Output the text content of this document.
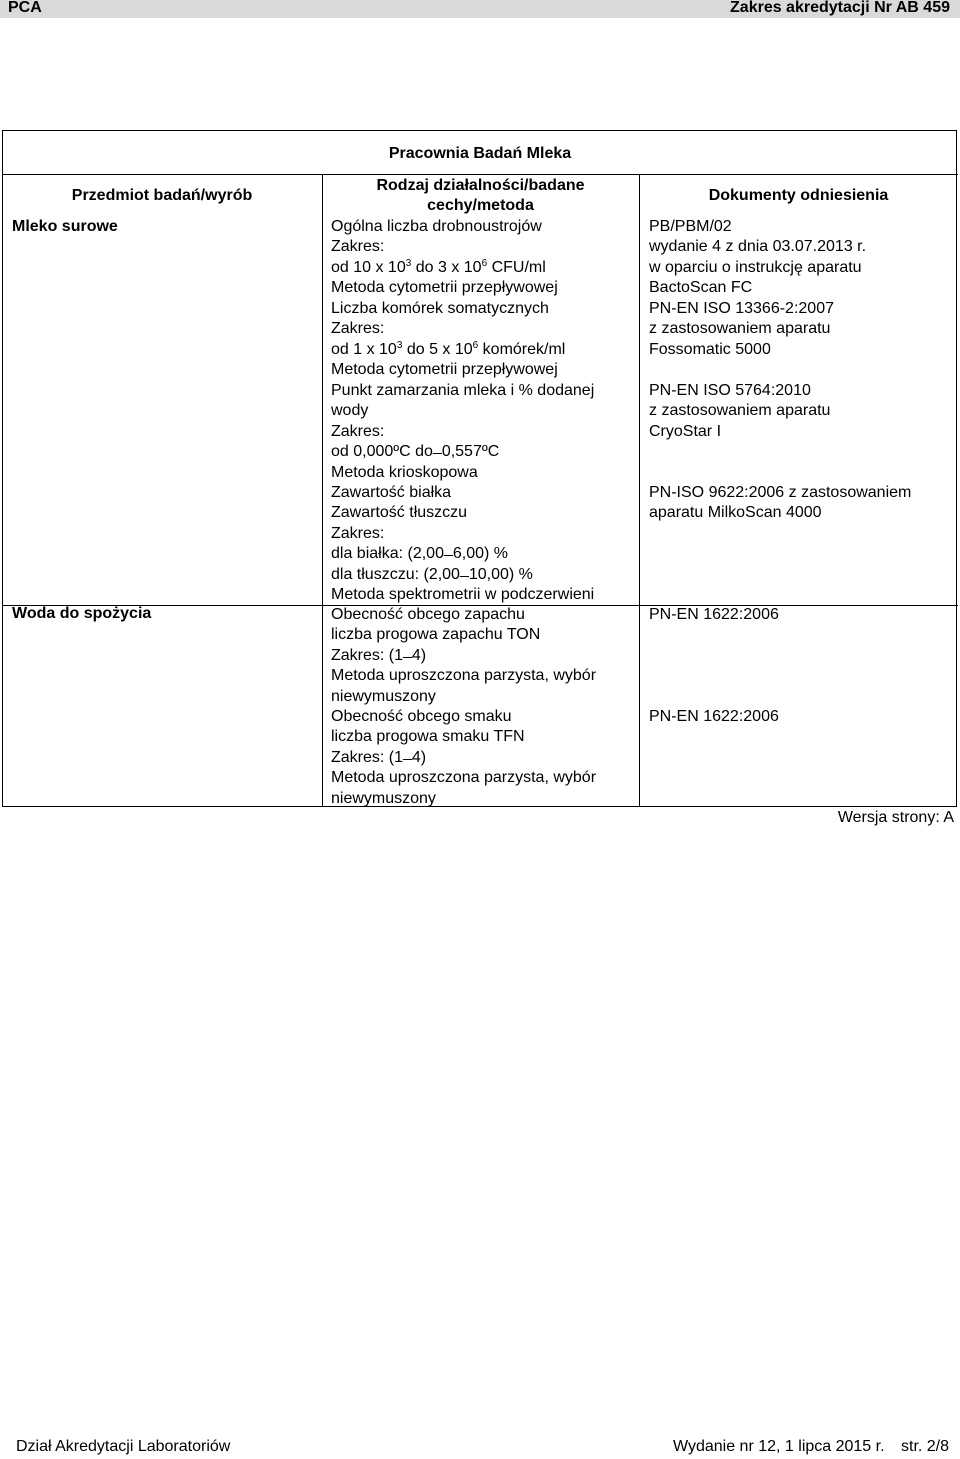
PCA	Zakres akredytacji Nr AB 459
Pracownia Badań Mleka
Przedmiot badań/wyrób
Rodzaj działalności/badane
cechy/metoda
Dokumenty odniesienia
Mleko surowe
Woda do spożycia
Ogólna liczba drobnoustrojów
Zakres:
od 10 x $10^3$ do 3 x $10^6$ CFU/ml
Metoda cytometrii przepływowej
Liczba komórek somatycznych
Zakres:
od 1 x $10^3$ do 5 x $10^6$ komórek/ml
Metoda cytometrii przepływowej
Punkt zamarzania mleka i % dodanej
wody
Zakres:
od 0,000ºC do ̶ 0,557ºC
Metoda krioskopowa
Zawartość białka
Zawartość tłuszczu
Zakres:
dla białka: (2,00 ̶ 6,00) %
dla tłuszczu: (2,00 ̶ 10,00) %
Metoda spektrometrii w podczerwieni
Obecność obcego zapachu
liczba progowa zapachu TON
Zakres: (1 ̶ 4)
Metoda uproszczona parzysta, wybór
niewymuszony
Obecność obcego smaku
liczba progowa smaku TFN
Zakres: (1 ̶ 4)
Metoda uproszczona parzysta, wybór
niewymuszony
PB/PBM/02
wydanie 4 z dnia 03.07.2013 r.
w oparciu o instrukcję aparatu
BactoScan FC
PN-EN ISO 13366-2:2007
z zastosowaniem aparatu
Fossomatic 5000
PN-EN ISO 5764:2010
z zastosowaniem aparatu
CryoStar I
PN-ISO 9622:2006 z zastosowaniem
aparatu MilkoScan 4000
PN-EN 1622:2006
PN-EN 1622:2006
Wersja strony: A
Dział Akredytacji Laboratoriów	Wydanie nr 12, 1 lipca 2015 r. str. 2/8
